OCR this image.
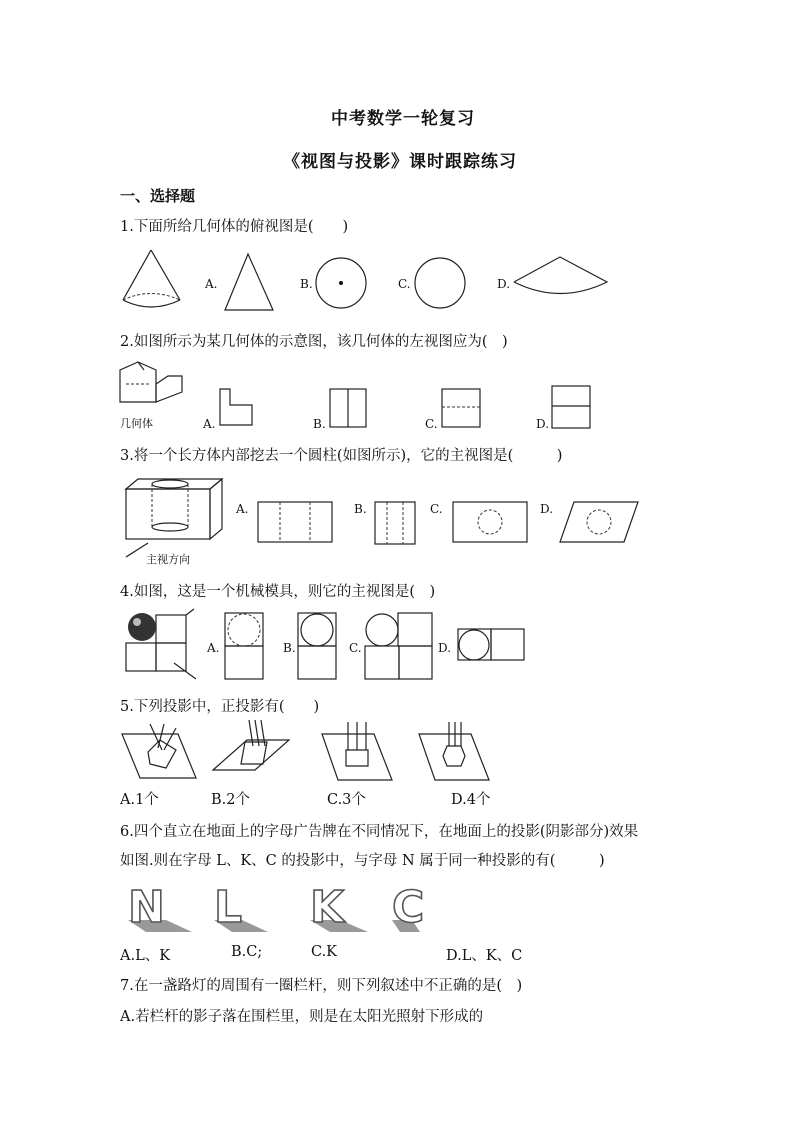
中考数学一轮复习
《视图与投影》课时跟踪练习
一、选择题
1.下面所给几何体的俯视图是(　　)
A.	B.	C.	D.
2.如图所示为某几何体的示意图，该几何体的左视图应为(　)
几何体	A.	B.	C.	D.
3.将一个长方体内部挖去一个圆柱(如图所示)，它的主视图是(　　　)
主视方向
A.	B.	C.	D.
4.如图，这是一个机械模具，则它的主视图是(　)
A.	B.	C.	D.
5.下列投影中，正投影有(　　)
A.1个	B.2个	C.3个	D.4个
6.四个直立在地面上的字母广告牌在不同情况下，在地面上的投影(阴影部分)效果
如图.则在字母 L、K、C 的投影中，与字母 N 属于同一种投影的有(　　　)
N L K C
A.L、K	B.C;	C.K	D.L、K、C
7.在一盏路灯的周围有一圈栏杆，则下列叙述中不正确的是(　)
A.若栏杆的影子落在围栏里，则是在太阳光照射下形成的
